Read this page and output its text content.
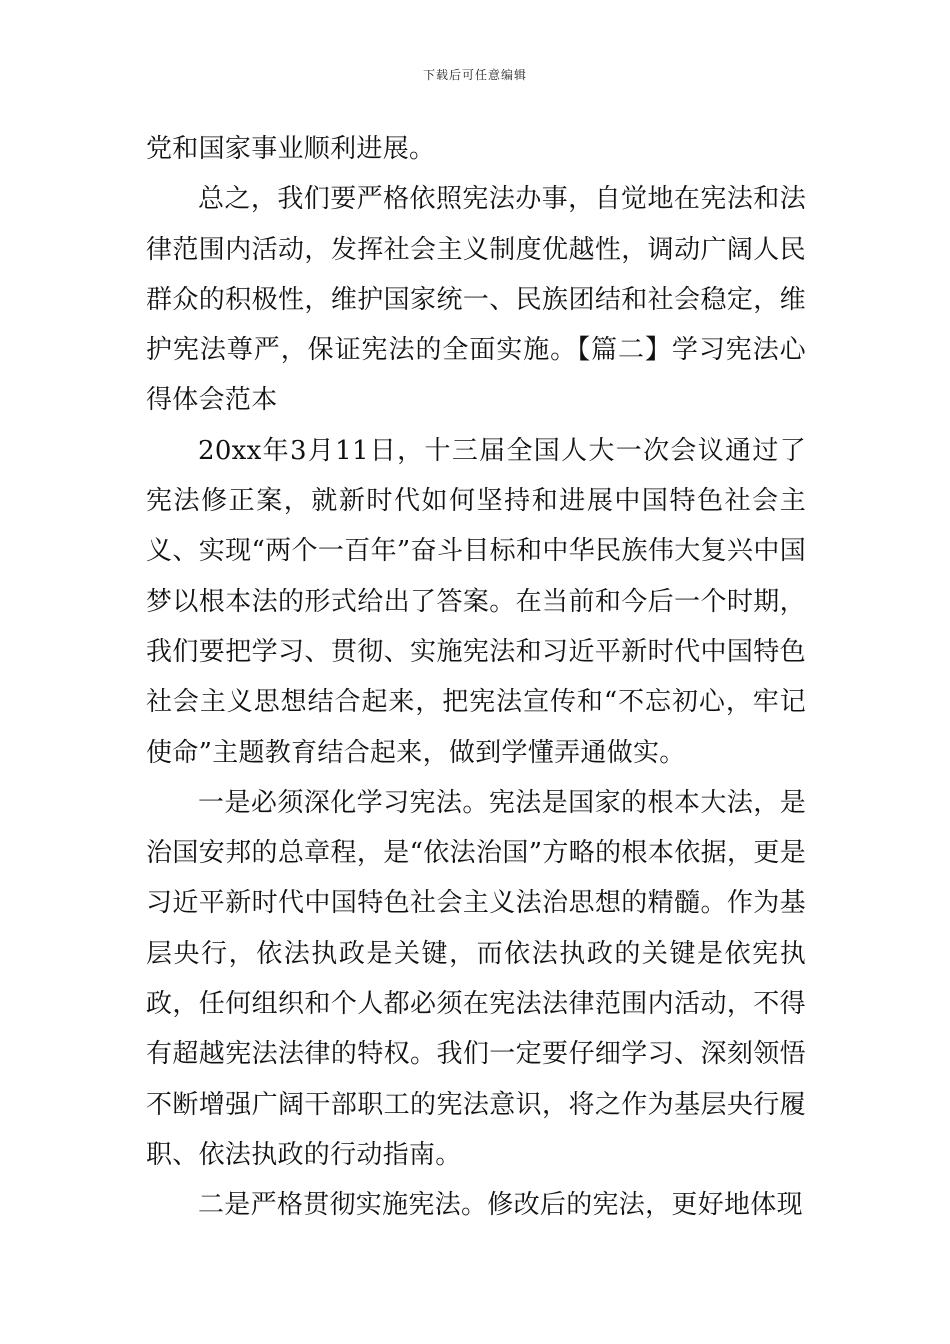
下载后可任意编辑

党和国家事业顺利进展。

总之，我们要严格依照宪法办事，自觉地在宪法和法律范围内活动，发挥社会主义制度优越性，调动广阔人民群众的积极性，维护国家统一、民族团结和社会稳定，维护宪法尊严，保证宪法的全面实施。【篇二】学习宪法心得体会范本

20xx年3月11日，十三届全国人大一次会议通过了宪法修正案，就新时代如何坚持和进展中国特色社会主义、实现“两个一百年”奋斗目标和中华民族伟大复兴中国梦以根本法的形式给出了答案。在当前和今后一个时期，我们要把学习、贯彻、实施宪法和习近平新时代中国特色社会主义思想结合起来，把宪法宣传和“不忘初心，牢记使命”主题教育结合起来，做到学懂弄通做实。

一是必须深化学习宪法。宪法是国家的根本大法，是治国安邦的总章程，是“依法治国”方略的根本依据，更是习近平新时代中国特色社会主义法治思想的精髓。作为基层央行，依法执政是关键，而依法执政的关键是依宪执政，任何组织和个人都必须在宪法法律范围内活动，不得有超越宪法法律的特权。我们一定要仔细学习、深刻领悟不断增强广阔干部职工的宪法意识，将之作为基层央行履职、依法执政的行动指南。

二是严格贯彻实施宪法。修改后的宪法，更好地体现
